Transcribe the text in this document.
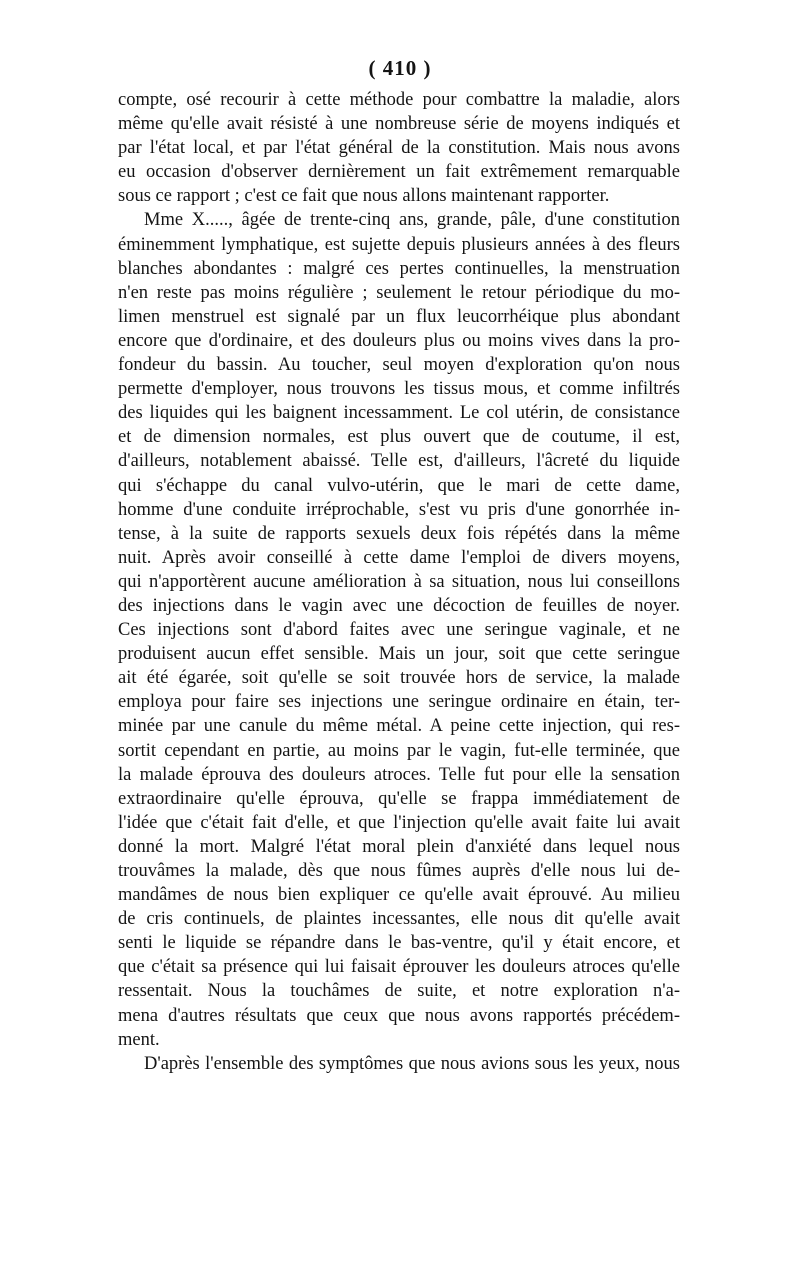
( 410 )
compte, osé recourir à cette méthode pour combattre la maladie, alors
même qu'elle avait résisté à une nombreuse série de moyens indiqués et
par l'état local, et par l'état général de la constitution. Mais nous avons
eu occasion d'observer dernièrement un fait extrêmement remarquable
sous ce rapport ; c'est ce fait que nous allons maintenant rapporter.
Mme X....., âgée de trente-cinq ans, grande, pâle, d'une constitution
éminemment lymphatique, est sujette depuis plusieurs années à des fleurs
blanches abondantes : malgré ces pertes continuelles, la menstruation
n'en reste pas moins régulière ; seulement le retour périodique du mo-
limen menstruel est signalé par un flux leucorrhéique plus abondant
encore que d'ordinaire, et des douleurs plus ou moins vives dans la pro-
fondeur du bassin. Au toucher, seul moyen d'exploration qu'on nous
permette d'employer, nous trouvons les tissus mous, et comme infiltrés
des liquides qui les baignent incessamment. Le col utérin, de consistance
et de dimension normales, est plus ouvert que de coutume, il est,
d'ailleurs, notablement abaissé. Telle est, d'ailleurs, l'âcreté du liquide
qui s'échappe du canal vulvo-utérin, que le mari de cette dame,
homme d'une conduite irréprochable, s'est vu pris d'une gonorrhée in-
tense, à la suite de rapports sexuels deux fois répétés dans la même
nuit. Après avoir conseillé à cette dame l'emploi de divers moyens,
qui n'apportèrent aucune amélioration à sa situation, nous lui conseillons
des injections dans le vagin avec une décoction de feuilles de noyer.
Ces injections sont d'abord faites avec une seringue vaginale, et ne
produisent aucun effet sensible. Mais un jour, soit que cette seringue
ait été égarée, soit qu'elle se soit trouvée hors de service, la malade
employa pour faire ses injections une seringue ordinaire en étain, ter-
minée par une canule du même métal. A peine cette injection, qui res-
sortit cependant en partie, au moins par le vagin, fut-elle terminée, que
la malade éprouva des douleurs atroces. Telle fut pour elle la sensation
extraordinaire qu'elle éprouva, qu'elle se frappa immédiatement de
l'idée que c'était fait d'elle, et que l'injection qu'elle avait faite lui avait
donné la mort. Malgré l'état moral plein d'anxiété dans lequel nous
trouvâmes la malade, dès que nous fûmes auprès d'elle nous lui de-
mandâmes de nous bien expliquer ce qu'elle avait éprouvé. Au milieu
de cris continuels, de plaintes incessantes, elle nous dit qu'elle avait
senti le liquide se répandre dans le bas-ventre, qu'il y était encore, et
que c'était sa présence qui lui faisait éprouver les douleurs atroces qu'elle
ressentait. Nous la touchâmes de suite, et notre exploration n'a-
mena d'autres résultats que ceux que nous avons rapportés précédem-
ment.
D'après l'ensemble des symptômes que nous avions sous les yeux, nous
